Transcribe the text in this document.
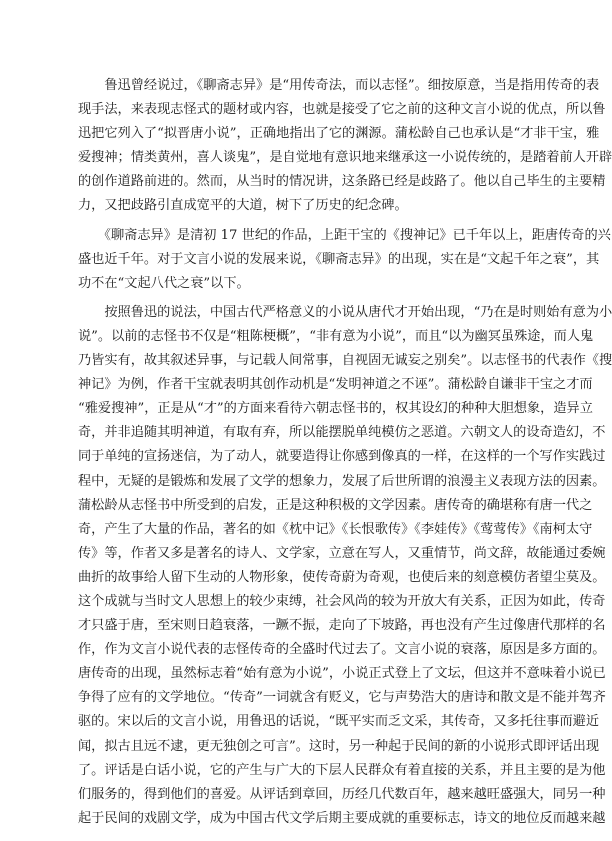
　　鲁迅曾经说过，《聊斋志异》是“用传奇法，而以志怪”。细按原意，当是指用传奇的表
现手法，来表现志怪式的题材或内容，也就是接受了它之前的这种文言小说的优点，所以鲁
迅把它列入了“拟晋唐小说”，正确地指出了它的渊源。蒲松龄自己也承认是“才非干宝，雅
爱搜神；情类黄州，喜人谈鬼”，是自觉地有意识地来继承这一小说传统的，是踏着前人开辟
的创作道路前进的。然而，从当时的情况讲，这条路已经是歧路了。他以自己毕生的主要精
力，又把歧路引直成宽平的大道，树下了历史的纪念碑。
　　《聊斋志异》是清初 17 世纪的作品，上距干宝的《搜神记》已千年以上，距唐传奇的兴
盛也近千年。对于文言小说的发展来说，《聊斋志异》的出现，实在是“文起千年之衰”，其
功不在“文起八代之衰”以下。
　　按照鲁迅的说法，中国古代严格意义的小说从唐代才开始出现，“乃在是时则始有意为小
说”。以前的志怪书不仅是“粗陈梗概”，“非有意为小说”，而且“以为幽冥虽殊途，而人鬼
乃皆实有，故其叙述异事，与记载人间常事，自视固无诚妄之别矣”。以志怪书的代表作《搜
神记》为例，作者干宝就表明其创作动机是“发明神道之不诬”。蒲松龄自谦非干宝之才而
“雅爱搜神”，正是从“才”的方面来看待六朝志怪书的，权其设幻的种种大胆想象，造异立
奇，并非追随其明神道，有取有弃，所以能摆脱单纯模仿之恶道。六朝文人的设奇造幻，不
同于单纯的宣扬迷信，为了动人，就要造得让你感到像真的一样，在这样的一个写作实践过
程中，无疑的是锻炼和发展了文学的想象力，发展了后世所谓的浪漫主义表现方法的因素。
蒲松龄从志怪书中所受到的启发，正是这种积极的文学因素。唐传奇的确堪称有唐一代之
奇，产生了大量的作品，著名的如《枕中记》《长恨歌传》《李娃传》《莺莺传》《南柯太守
传》等，作者又多是著名的诗人、文学家，立意在写人，又重情节，尚文辞，故能通过委婉
曲折的故事给人留下生动的人物形象，使传奇蔚为奇观，也使后来的刻意模仿者望尘莫及。
这个成就与当时文人思想上的较少束缚，社会风尚的较为开放大有关系，正因为如此，传奇
才只盛于唐，至宋则日趋衰落，一蹶不振，走向了下坡路，再也没有产生过像唐代那样的名
作，作为文言小说代表的志怪传奇的全盛时代过去了。文言小说的衰落，原因是多方面的。
唐传奇的出现，虽然标志着“始有意为小说”，小说正式登上了文坛，但这并不意味着小说已
争得了应有的文学地位。“传奇”一词就含有贬义，它与声势浩大的唐诗和散文是不能并驾齐
驱的。宋以后的文言小说，用鲁迅的话说，“既平实而乏文采，其传奇，又多托往事而避近
闻，拟古且远不逮，更无独创之可言”。这时，另一种起于民间的新的小说形式即评话出现
了。评话是白话小说，它的产生与广大的下层人民群众有着直接的关系，并且主要的是为他
们服务的，得到他们的喜爱。从评话到章回，历经几代数百年，越来越旺盛强大，同另一种
起于民间的戏剧文学，成为中国古代文学后期主要成就的重要标志，诗文的地位反而越来越
